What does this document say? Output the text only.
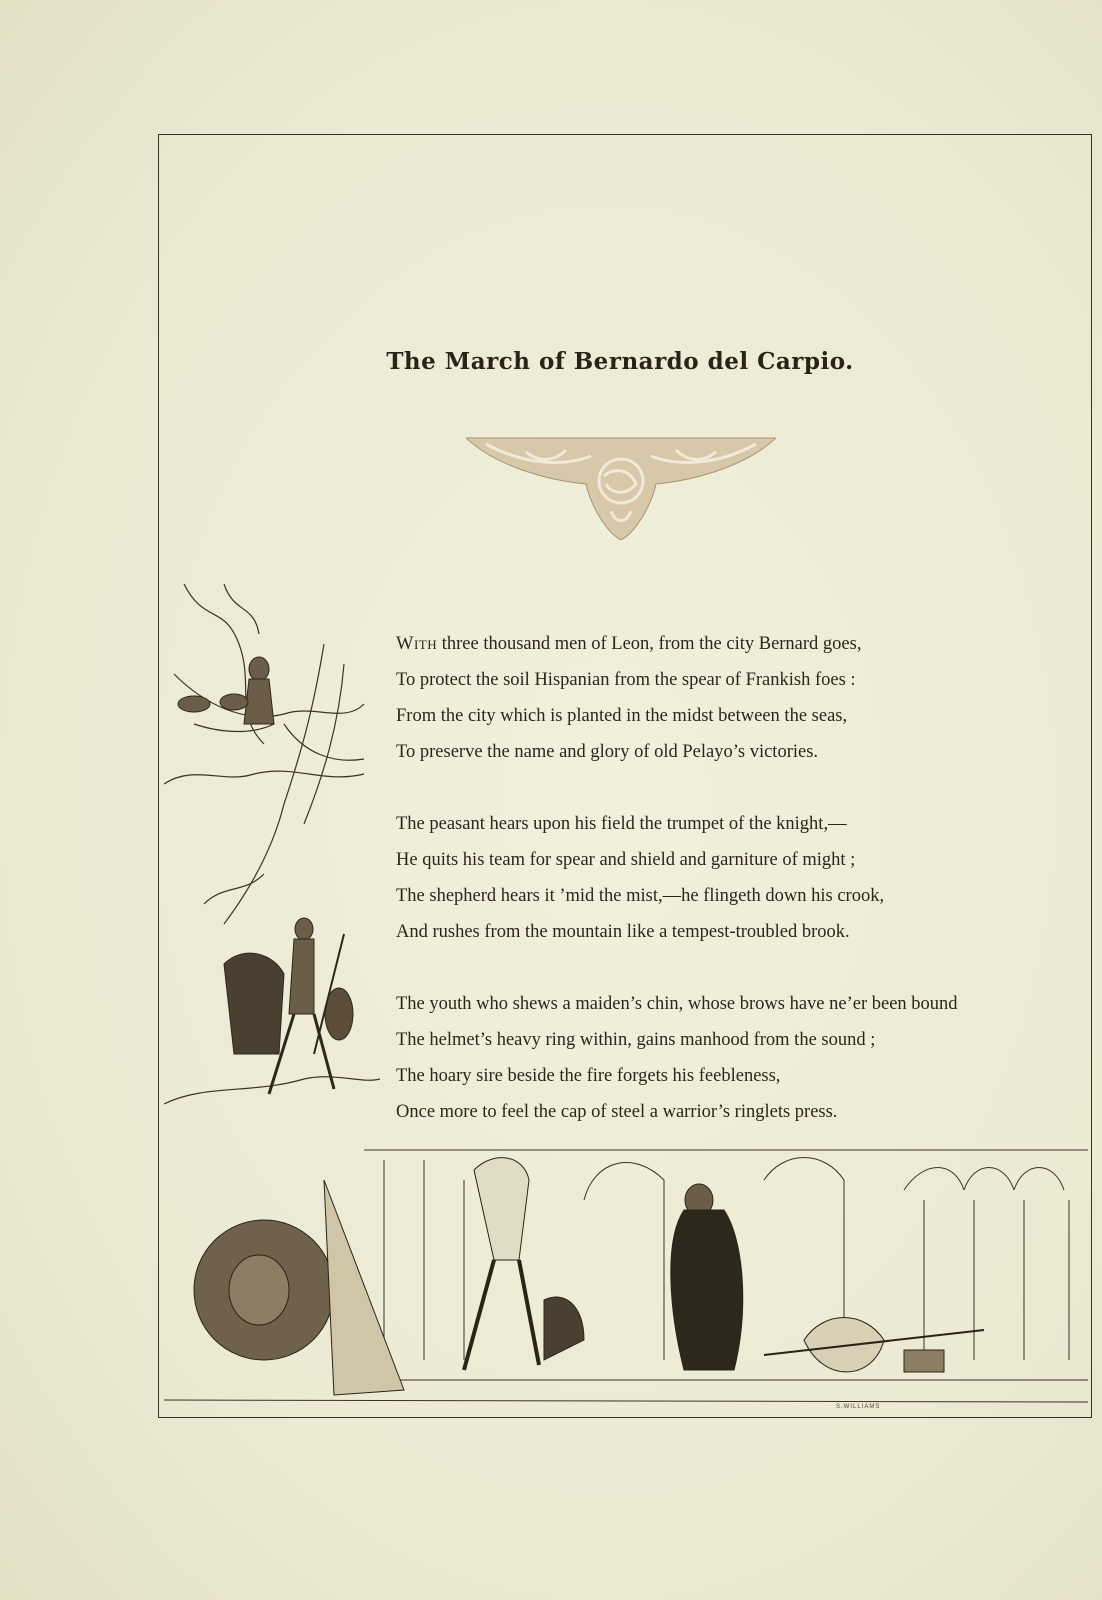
The March of Bernardo del Carpio.
With three thousand men of Leon, from the city Bernard goes,
To protect the soil Hispanian from the spear of Frankish foes :
From the city which is planted in the midst between the seas,
To preserve the name and glory of old Pelayo’s victories.
The peasant hears upon his field the trumpet of the knight,—
He quits his team for spear and shield and garniture of might ;
The shepherd hears it ’mid the mist,—he flingeth down his crook,
And rushes from the mountain like a tempest-troubled brook.
The youth who shews a maiden’s chin, whose brows have ne’er been bound
The helmet’s heavy ring within, gains manhood from the sound ;
The hoary sire beside the fire forgets his feebleness,
Once more to feel the cap of steel a warrior’s ringlets press.
S.WILLIAMS
